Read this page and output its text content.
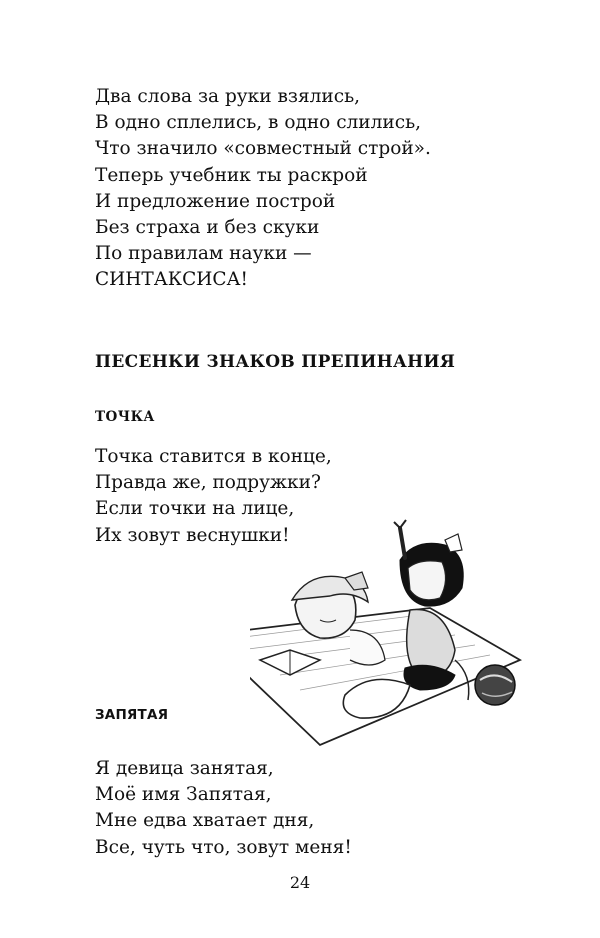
Два слова за руки взялись,
В одно сплелись, в одно слились,
Что значило «совместный строй».
Теперь учебник ты раскрой
И предложение построй
Без страха и без скуки
По правилам науки —
СИНТАКСИСА!
ПЕСЕНКИ ЗНАКОВ ПРЕПИНАНИЯ
ТОЧКА
Точка ставится в конце,
Правда же, подружки?
Если точки на лице,
Их зовут веснушки!
ЗАПЯТАЯ
Я девица занятая,
Моё имя Запятая,
Мне едва хватает дня,
Все, чуть что, зовут меня!
24
